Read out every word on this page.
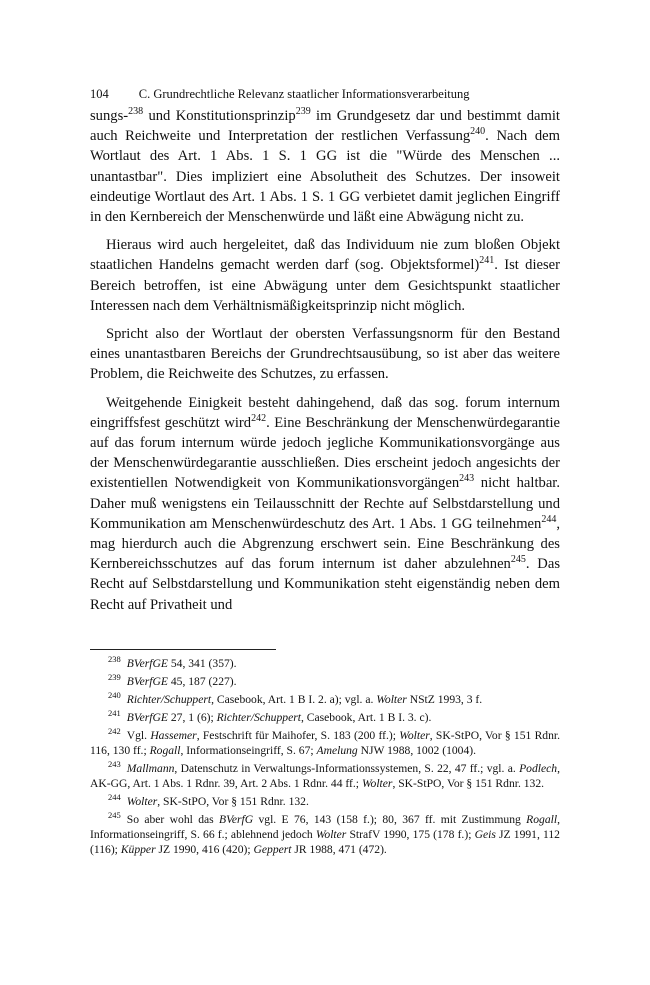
104 C. Grundrechtliche Relevanz staatlicher Informationsverarbeitung

sungs-$^{238}$ und Konstitutionsprinzip$^{239}$ im Grundgesetz dar und bestimmt damit auch Reichweite und Interpretation der restlichen Verfassung$^{240}$. Nach dem Wortlaut des Art. 1 Abs. 1 S. 1 GG ist die "Würde des Menschen ... unantastbar". Dies impliziert eine Absolutheit des Schutzes. Der insoweit eindeutige Wortlaut des Art. 1 Abs. 1 S. 1 GG verbietet damit jeglichen Eingriff in den Kernbereich der Menschenwürde und läßt eine Abwägung nicht zu.

Hieraus wird auch hergeleitet, daß das Individuum nie zum bloßen Objekt staatlichen Handelns gemacht werden darf (sog. Objektsformel)$^{241}$. Ist dieser Bereich betroffen, ist eine Abwägung unter dem Gesichtspunkt staatlicher Interessen nach dem Verhältnismäßigkeitsprinzip nicht möglich.

Spricht also der Wortlaut der obersten Verfassungsnorm für den Bestand eines unantastbaren Bereichs der Grundrechtsausübung, so ist aber das weitere Problem, die Reichweite des Schutzes, zu erfassen.

Weitgehende Einigkeit besteht dahingehend, daß das sog. forum internum eingriffsfest geschützt wird$^{242}$. Eine Beschränkung der Menschenwürdegarantie auf das forum internum würde jedoch jegliche Kommunikationsvorgänge aus der Menschenwürdegarantie ausschließen. Dies erscheint jedoch angesichts der existentiellen Notwendigkeit von Kommunikationsvorgängen$^{243}$ nicht haltbar. Daher muß wenigstens ein Teilausschnitt der Rechte auf Selbstdarstellung und Kommunikation am Menschenwürdeschutz des Art. 1 Abs. 1 GG teilnehmen$^{244}$, mag hierdurch auch die Abgrenzung erschwert sein. Eine Beschränkung des Kernbereichsschutzes auf das forum internum ist daher abzulehnen$^{245}$. Das Recht auf Selbstdarstellung und Kommunikation steht eigenständig neben dem Recht auf Privatheit und

$^{238}$ BVerfGE 54, 341 (357).

$^{239}$ BVerfGE 45, 187 (227).

$^{240}$ Richter/Schuppert, Casebook, Art. 1 B I. 2. a); vgl. a. Wolter NStZ 1993, 3 f.

$^{241}$ BVerfGE 27, 1 (6); Richter/Schuppert, Casebook, Art. 1 B I. 3. c).

$^{242}$ Vgl. Hassemer, Festschrift für Maihofer, S. 183 (200 ff.); Wolter, SK-StPO, Vor § 151 Rdnr. 116, 130 ff.; Rogall, Informationseingriff, S. 67; Amelung NJW 1988, 1002 (1004).

$^{243}$ Mallmann, Datenschutz in Verwaltungs-Informationssystemen, S. 22, 47 ff.; vgl. a. Podlech, AK-GG, Art. 1 Abs. 1 Rdnr. 39, Art. 2 Abs. 1 Rdnr. 44 ff.; Wolter, SK-StPO, Vor § 151 Rdnr. 132.

$^{244}$ Wolter, SK-StPO, Vor § 151 Rdnr. 132.

$^{245}$ So aber wohl das BVerfG vgl. E 76, 143 (158 f.); 80, 367 ff. mit Zustimmung Rogall, Informationseingriff, S. 66 f.; ablehnend jedoch Wolter StrafV 1990, 175 (178 f.); Geis JZ 1991, 112 (116); Küpper JZ 1990, 416 (420); Geppert JR 1988, 471 (472).
